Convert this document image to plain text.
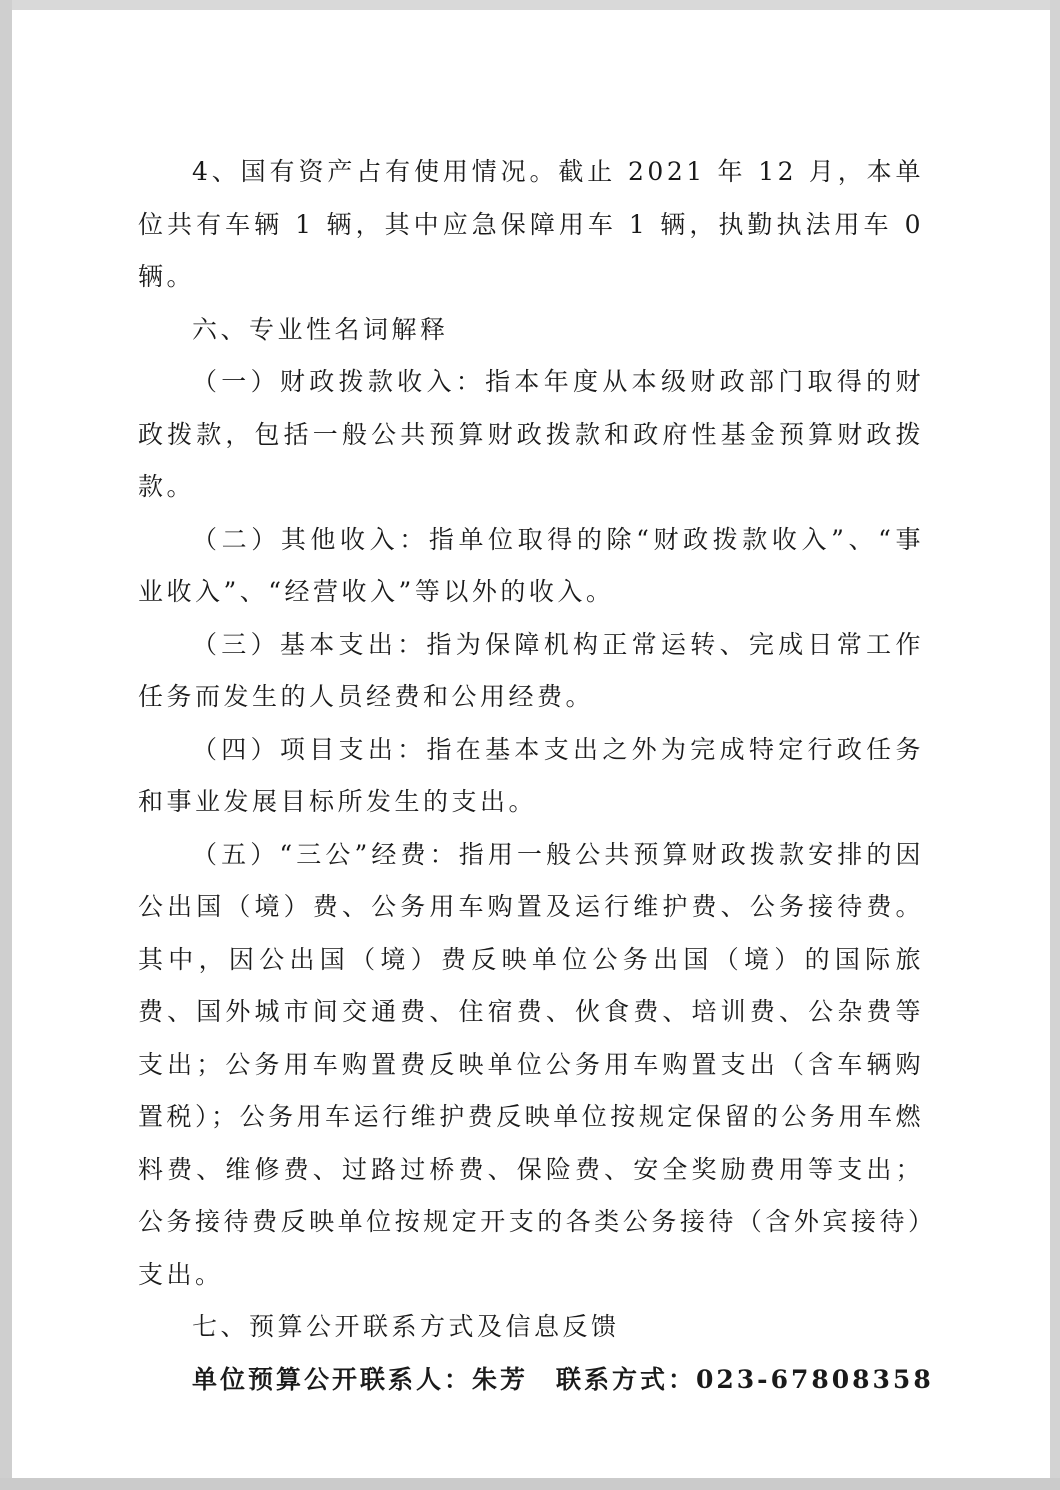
4、国有资产占有使用情况。截止 2021 年 12 月，本单位共有车辆 1 辆，其中应急保障用车 1 辆，执勤执法用车 0 辆。

六、专业性名词解释

（一）财政拨款收入：指本年度从本级财政部门取得的财政拨款，包括一般公共预算财政拨款和政府性基金预算财政拨款。

（二）其他收入：指单位取得的除“财政拨款收入”、“事业收入”、“经营收入”等以外的收入。

（三）基本支出：指为保障机构正常运转、完成日常工作任务而发生的人员经费和公用经费。

（四）项目支出：指在基本支出之外为完成特定行政任务和事业发展目标所发生的支出。

（五）“三公”经费：指用一般公共预算财政拨款安排的因公出国（境）费、公务用车购置及运行维护费、公务接待费。其中，因公出国（境）费反映单位公务出国（境）的国际旅费、国外城市间交通费、住宿费、伙食费、培训费、公杂费等支出；公务用车购置费反映单位公务用车购置支出（含车辆购置税）；公务用车运行维护费反映单位按规定保留的公务用车燃料费、维修费、过路过桥费、保险费、安全奖励费用等支出；公务接待费反映单位按规定开支的各类公务接待（含外宾接待）支出。

七、预算公开联系方式及信息反馈

单位预算公开联系人：朱芳　联系方式：023-67808358
